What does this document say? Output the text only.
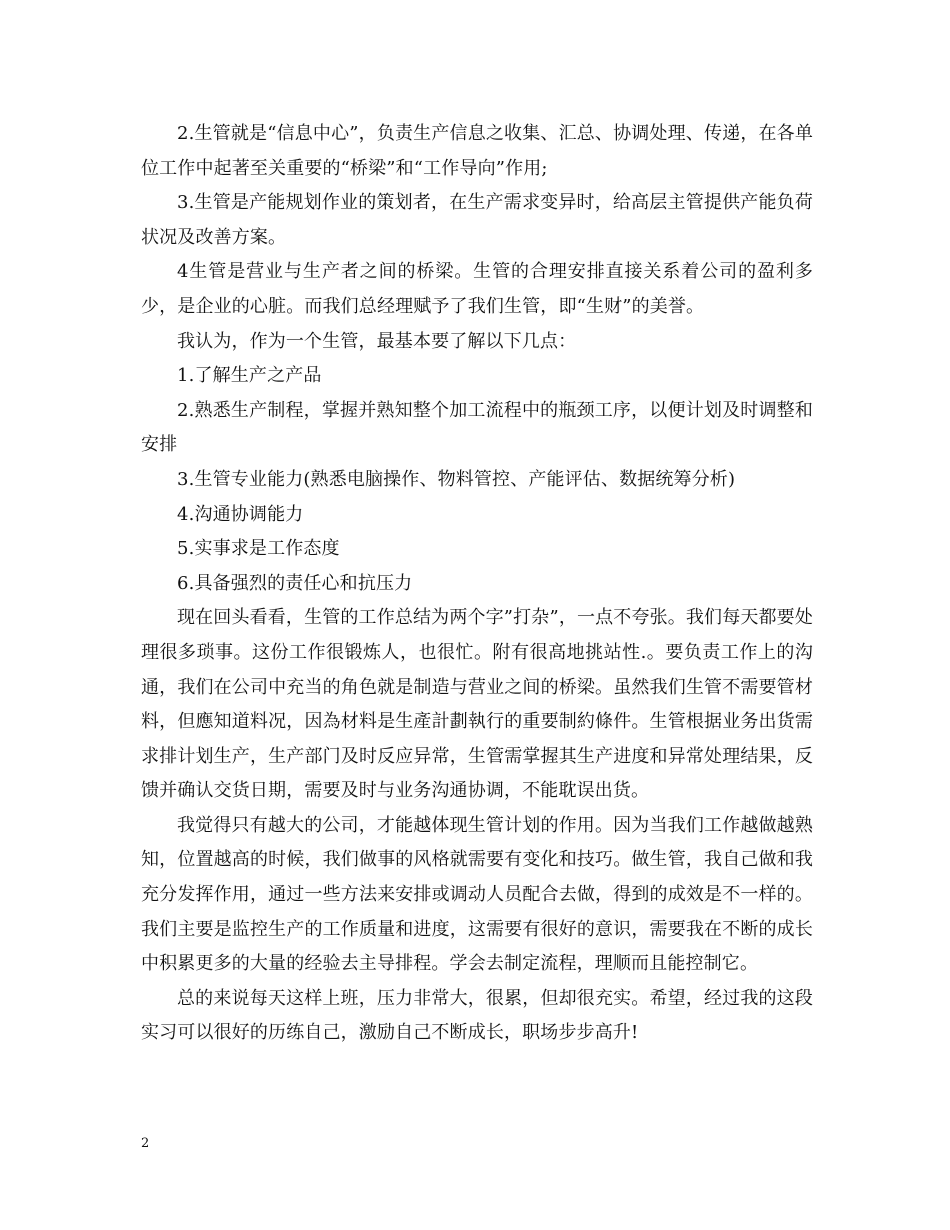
2.生管就是“信息中心”，负责生产信息之收集、汇总、协调处理、传递，在各单位工作中起著至关重要的“桥梁”和“工作导向”作用;

3.生管是产能规划作业的策划者，在生产需求变异时，给高层主管提供产能负荷状况及改善方案。

4生管是营业与生产者之间的桥梁。生管的合理安排直接关系着公司的盈利多少，是企业的心脏。而我们总经理赋予了我们生管，即“生财”的美誉。

我认为，作为一个生管，最基本要了解以下几点：

1.了解生产之产品

2.熟悉生产制程，掌握并熟知整个加工流程中的瓶颈工序，以便计划及时调整和安排

3.生管专业能力(熟悉电脑操作、物料管控、产能评估、数据统筹分析)

4.沟通协调能力

5.实事求是工作态度

6.具备强烈的责任心和抗压力

现在回头看看，生管的工作总结为两个字”打杂”，一点不夸张。我们每天都要处理很多琐事。这份工作很锻炼人，也很忙。附有很高地挑站性.。要负责工作上的沟通，我们在公司中充当的角色就是制造与营业之间的桥梁。虽然我们生管不需要管材料，但應知道料况，因為材料是生產計劃執行的重要制約條件。生管根据业务出货需求排计划生产，生产部门及时反应异常，生管需掌握其生产进度和异常处理结果，反馈并确认交货日期，需要及时与业务沟通协调，不能耽误出货。

我觉得只有越大的公司，才能越体现生管计划的作用。因为当我们工作越做越熟知，位置越高的时候，我们做事的风格就需要有变化和技巧。做生管，我自己做和我充分发挥作用，通过一些方法来安排或调动人员配合去做，得到的成效是不一样的。我们主要是监控生产的工作质量和进度，这需要有很好的意识，需要我在不断的成长中积累更多的大量的经验去主导排程。学会去制定流程，理顺而且能控制它。

总的来说每天这样上班，压力非常大，很累，但却很充实。希望，经过我的这段实习可以很好的历练自己，激励自己不断成长，职场步步高升!

2
